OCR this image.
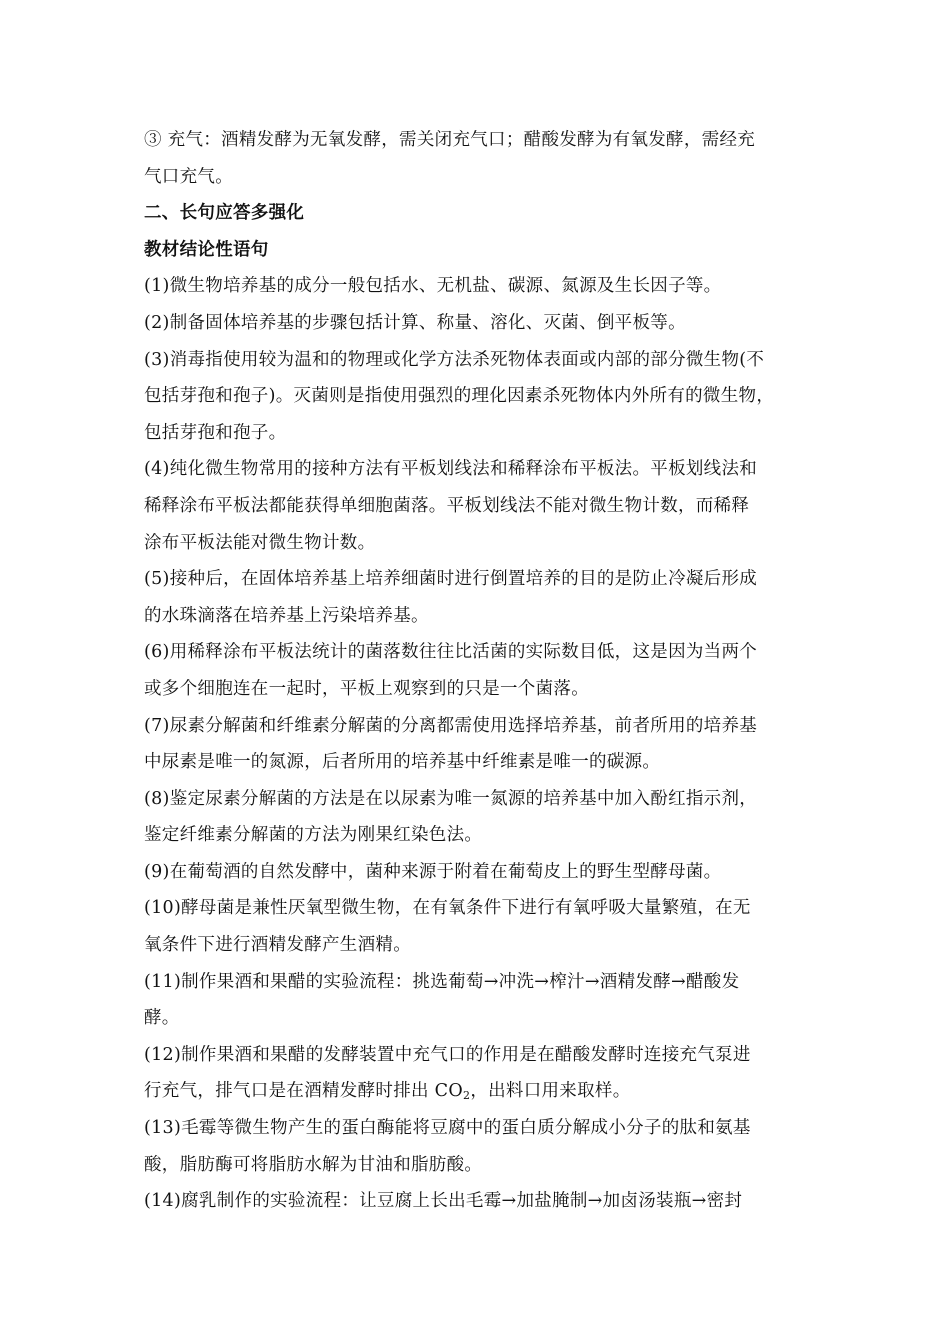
③ 充气：酒精发酵为无氧发酵，需关闭充气口；醋酸发酵为有氧发酵，需经充
气口充气。
二、长句应答多强化
教材结论性语句
(1)微生物培养基的成分一般包括水、无机盐、碳源、氮源及生长因子等。
(2)制备固体培养基的步骤包括计算、称量、溶化、灭菌、倒平板等。
(3)消毒指使用较为温和的物理或化学方法杀死物体表面或内部的部分微生物(不
包括芽孢和孢子)。灭菌则是指使用强烈的理化因素杀死物体内外所有的微生物，
包括芽孢和孢子。
(4)纯化微生物常用的接种方法有平板划线法和稀释涂布平板法。平板划线法和
稀释涂布平板法都能获得单细胞菌落。平板划线法不能对微生物计数，而稀释
涂布平板法能对微生物计数。
(5)接种后，在固体培养基上培养细菌时进行倒置培养的目的是防止冷凝后形成
的水珠滴落在培养基上污染培养基。
(6)用稀释涂布平板法统计的菌落数往往比活菌的实际数目低，这是因为当两个
或多个细胞连在一起时，平板上观察到的只是一个菌落。
(7)尿素分解菌和纤维素分解菌的分离都需使用选择培养基，前者所用的培养基
中尿素是唯一的氮源，后者所用的培养基中纤维素是唯一的碳源。
(8)鉴定尿素分解菌的方法是在以尿素为唯一氮源的培养基中加入酚红指示剂，
鉴定纤维素分解菌的方法为刚果红染色法。
(9)在葡萄酒的自然发酵中，菌种来源于附着在葡萄皮上的野生型酵母菌。
(10)酵母菌是兼性厌氧型微生物，在有氧条件下进行有氧呼吸大量繁殖，在无
氧条件下进行酒精发酵产生酒精。
(11)制作果酒和果醋的实验流程：挑选葡萄→冲洗→榨汁→酒精发酵→醋酸发
酵。
(12)制作果酒和果醋的发酵装置中充气口的作用是在醋酸发酵时连接充气泵进
行充气，排气口是在酒精发酵时排出 $CO_2$，出料口用来取样。
(13)毛霉等微生物产生的蛋白酶能将豆腐中的蛋白质分解成小分子的肽和氨基
酸，脂肪酶可将脂肪水解为甘油和脂肪酸。
(14)腐乳制作的实验流程：让豆腐上长出毛霉→加盐腌制→加卤汤装瓶→密封
